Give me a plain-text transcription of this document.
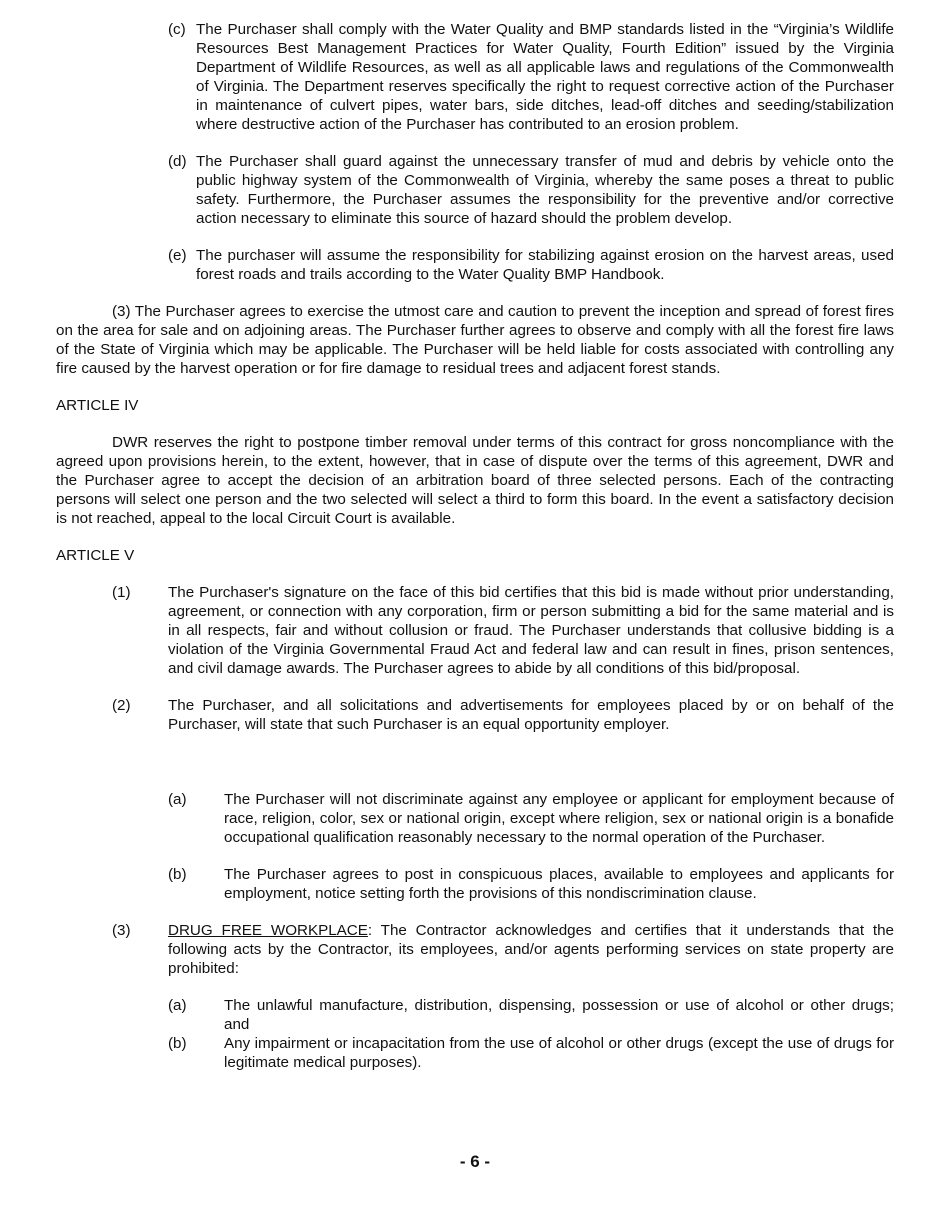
(c) The Purchaser shall comply with the Water Quality and BMP standards listed in the “Virginia’s Wildlife Resources Best Management Practices for Water Quality, Fourth Edition” issued by the Virginia Department of Wildlife Resources, as well as all applicable laws and regulations of the Commonwealth of Virginia. The Department reserves specifically the right to request corrective action of the Purchaser in maintenance of culvert pipes, water bars, side ditches, lead-off ditches and seeding/stabilization where destructive action of the Purchaser has contributed to an erosion problem.
(d) The Purchaser shall guard against the unnecessary transfer of mud and debris by vehicle onto the public highway system of the Commonwealth of Virginia, whereby the same poses a threat to public safety. Furthermore, the Purchaser assumes the responsibility for the preventive and/or corrective action necessary to eliminate this source of hazard should the problem develop.
(e) The purchaser will assume the responsibility for stabilizing against erosion on the harvest areas, used forest roads and trails according to the Water Quality BMP Handbook.

(3) The Purchaser agrees to exercise the utmost care and caution to prevent the inception and spread of forest fires on the area for sale and on adjoining areas. The Purchaser further agrees to observe and comply with all the forest fire laws of the State of Virginia which may be applicable. The Purchaser will be held liable for costs associated with controlling any fire caused by the harvest operation or for fire damage to residual trees and adjacent forest stands.

ARTICLE IV

DWR reserves the right to postpone timber removal under terms of this contract for gross noncompliance with the agreed upon provisions herein, to the extent, however, that in case of dispute over the terms of this agreement, DWR and the Purchaser agree to accept the decision of an arbitration board of three selected persons. Each of the contracting persons will select one person and the two selected will select a third to form this board. In the event a satisfactory decision is not reached, appeal to the local Circuit Court is available.

ARTICLE V

(1)	The Purchaser's signature on the face of this bid certifies that this bid is made without prior understanding, agreement, or connection with any corporation, firm or person submitting a bid for the same material and is in all respects, fair and without collusion or fraud. The Purchaser understands that collusive bidding is a violation of the Virginia Governmental Fraud Act and federal law and can result in fines, prison sentences, and civil damage awards. The Purchaser agrees to abide by all conditions of this bid/proposal.
(2)	The Purchaser, and all solicitations and advertisements for employees placed by or on behalf of the Purchaser, will state that such Purchaser is an equal opportunity employer.
(a)	The Purchaser will not discriminate against any employee or applicant for employment because of race, religion, color, sex or national origin, except where religion, sex or national origin is a bonafide occupational qualification reasonably necessary to the normal operation of the Purchaser.
(b)	The Purchaser agrees to post in conspicuous places, available to employees and applicants for employment, notice setting forth the provisions of this nondiscrimination clause.
(3)	DRUG FREE WORKPLACE: The Contractor acknowledges and certifies that it understands that the following acts by the Contractor, its employees, and/or agents performing services on state property are prohibited:
(a)	The unlawful manufacture, distribution, dispensing, possession or use of alcohol or other drugs; and
(b)	Any impairment or incapacitation from the use of alcohol or other drugs (except the use of drugs for legitimate medical purposes).
- 6 -
